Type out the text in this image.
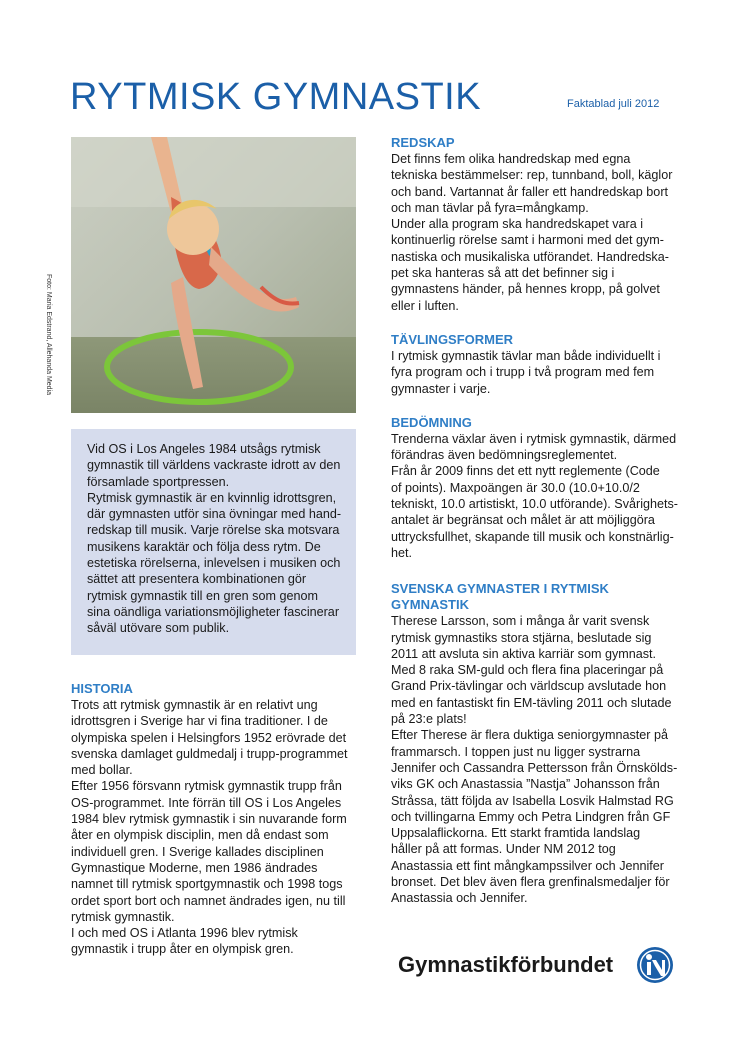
RYTMISK GYMNASTIK	Faktablad juli 2012
Foto: Maria Edstrand, Allehanda Media

Vid OS i Los Angeles 1984 utsågs rytmisk
gymnastik till världens vackraste idrott av den
församlade sportpressen.
Rytmisk gymnastik är en kvinnlig idrottsgren,
där gymnasten utför sina övningar med hand-
redskap till musik. Varje rörelse ska motsvara
musikens karaktär och följa dess rytm. De
estetiska rörelserna, inlevelsen i musiken och
sättet att presentera kombinationen gör
rytmisk gymnastik till en gren som genom
sina oändliga variationsmöjligheter fascinerar
såväl utövare som publik.

HISTORIA

Trots att rytmisk gymnastik är en relativt ung
idrottsgren i Sverige har vi fina traditioner. I de
olympiska spelen i Helsingfors 1952 erövrade det
svenska damlaget guldmedalj i trupp-programmet
med bollar.
Efter 1956 försvann rytmisk gymnastik trupp från
OS-programmet. Inte förrän till OS i Los Angeles
1984 blev rytmisk gymnastik i sin nuvarande form
åter en olympisk disciplin, men då endast som
individuell gren. I Sverige kallades disciplinen
Gymnastique Moderne, men 1986 ändrades
namnet till rytmisk sportgymnastik och 1998 togs
ordet sport bort och namnet ändrades igen, nu till
rytmisk gymnastik.
I och med OS i Atlanta 1996 blev rytmisk
gymnastik i trupp åter en olympisk gren.

REDSKAP

Det finns fem olika handredskap med egna
tekniska bestämmelser: rep, tunnband, boll, käglor
och band. Vartannat år faller ett handredskap bort
och man tävlar på fyra=mångkamp.
Under alla program ska handredskapet vara i
kontinuerlig rörelse samt i harmoni med det gym-
nastiska och musikaliska utförandet. Handredska-
pet ska hanteras så att det befinner sig i
gymnastens händer, på hennes kropp, på golvet
eller i luften.

TÄVLINGSFORMER

I rytmisk gymnastik tävlar man både individuellt i
fyra program och i trupp i två program med fem
gymnaster i varje.

BEDÖMNING

Trenderna växlar även i rytmisk gymnastik, därmed
förändras även bedömningsreglementet.
Från år 2009 finns det ett nytt reglemente (Code
of points). Maxpoängen är 30.0 (10.0+10.0/2
tekniskt, 10.0 artistiskt, 10.0 utförande). Svårighets-
antalet är begränsat och målet är att möjliggöra
uttrycksfullhet, skapande till musik och konstnärlig-
het.

SVENSKA GYMNASTER I RYTMISK
GYMNASTIK

Therese Larsson, som i många år varit svensk
rytmisk gymnastiks stora stjärna, beslutade sig
2011 att avsluta sin aktiva karriär som gymnast.
Med 8 raka SM-guld och flera fina placeringar på
Grand Prix-tävlingar och världscup avslutade hon
med en fantastiskt fin EM-tävling 2011 och slutade
på 23:e plats!
Efter Therese är flera duktiga seniorgymnaster på
frammarsch. I toppen just nu ligger systrarna
Jennifer och Cassandra Pettersson från Örnskölds-
viks GK och Anastassia ”Nastja” Johansson från
Stråssa, tätt följda av Isabella Losvik Halmstad RG
och tvillingarna Emmy och Petra Lindgren från GF
Uppsalaflickorna. Ett starkt framtida landslag
håller på att formas. Under NM 2012 tog
Anastassia ett fint mångkampssilver och Jennifer
bronset. Det blev även flera grenfinalsmedaljer för
Anastassia och Jennifer.

Gymnastikförbundet
